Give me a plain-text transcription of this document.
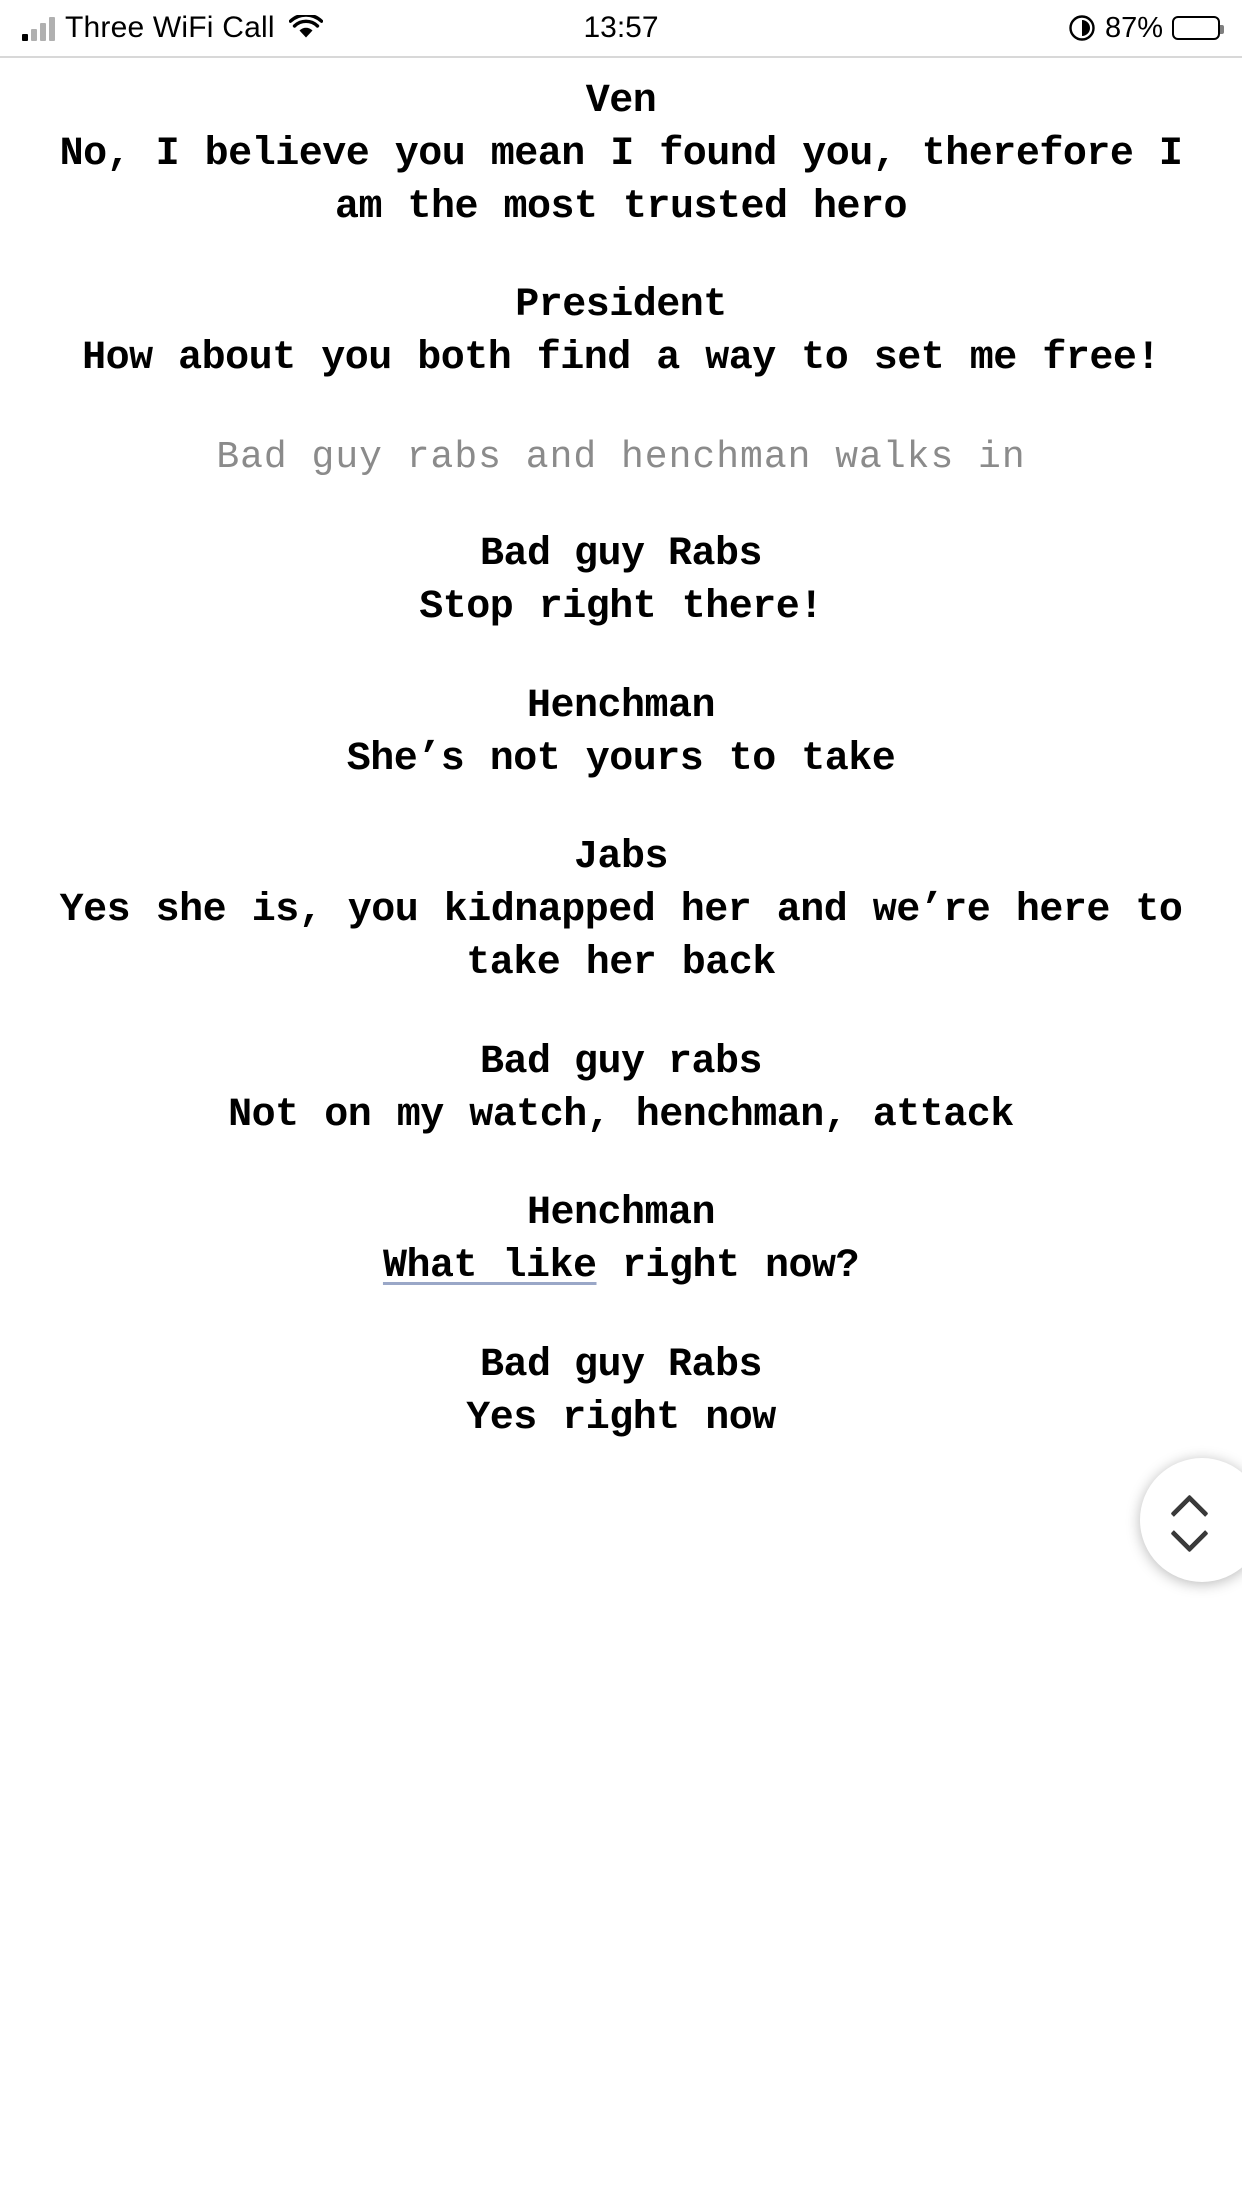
Three WiFi Call	13:57	87%
Ven
No, I believe you mean I found you, therefore I am the most trusted hero
President
How about you both find a way to set me free!
Bad guy rabs and henchman walks in
Bad guy Rabs
Stop right there!
Henchman
She’s not yours to take
Jabs
Yes she is, you kidnapped her and we’re here to take her back
Bad guy rabs
Not on my watch, henchman, attack
Henchman
What like right now?
Bad guy Rabs
Yes right now
